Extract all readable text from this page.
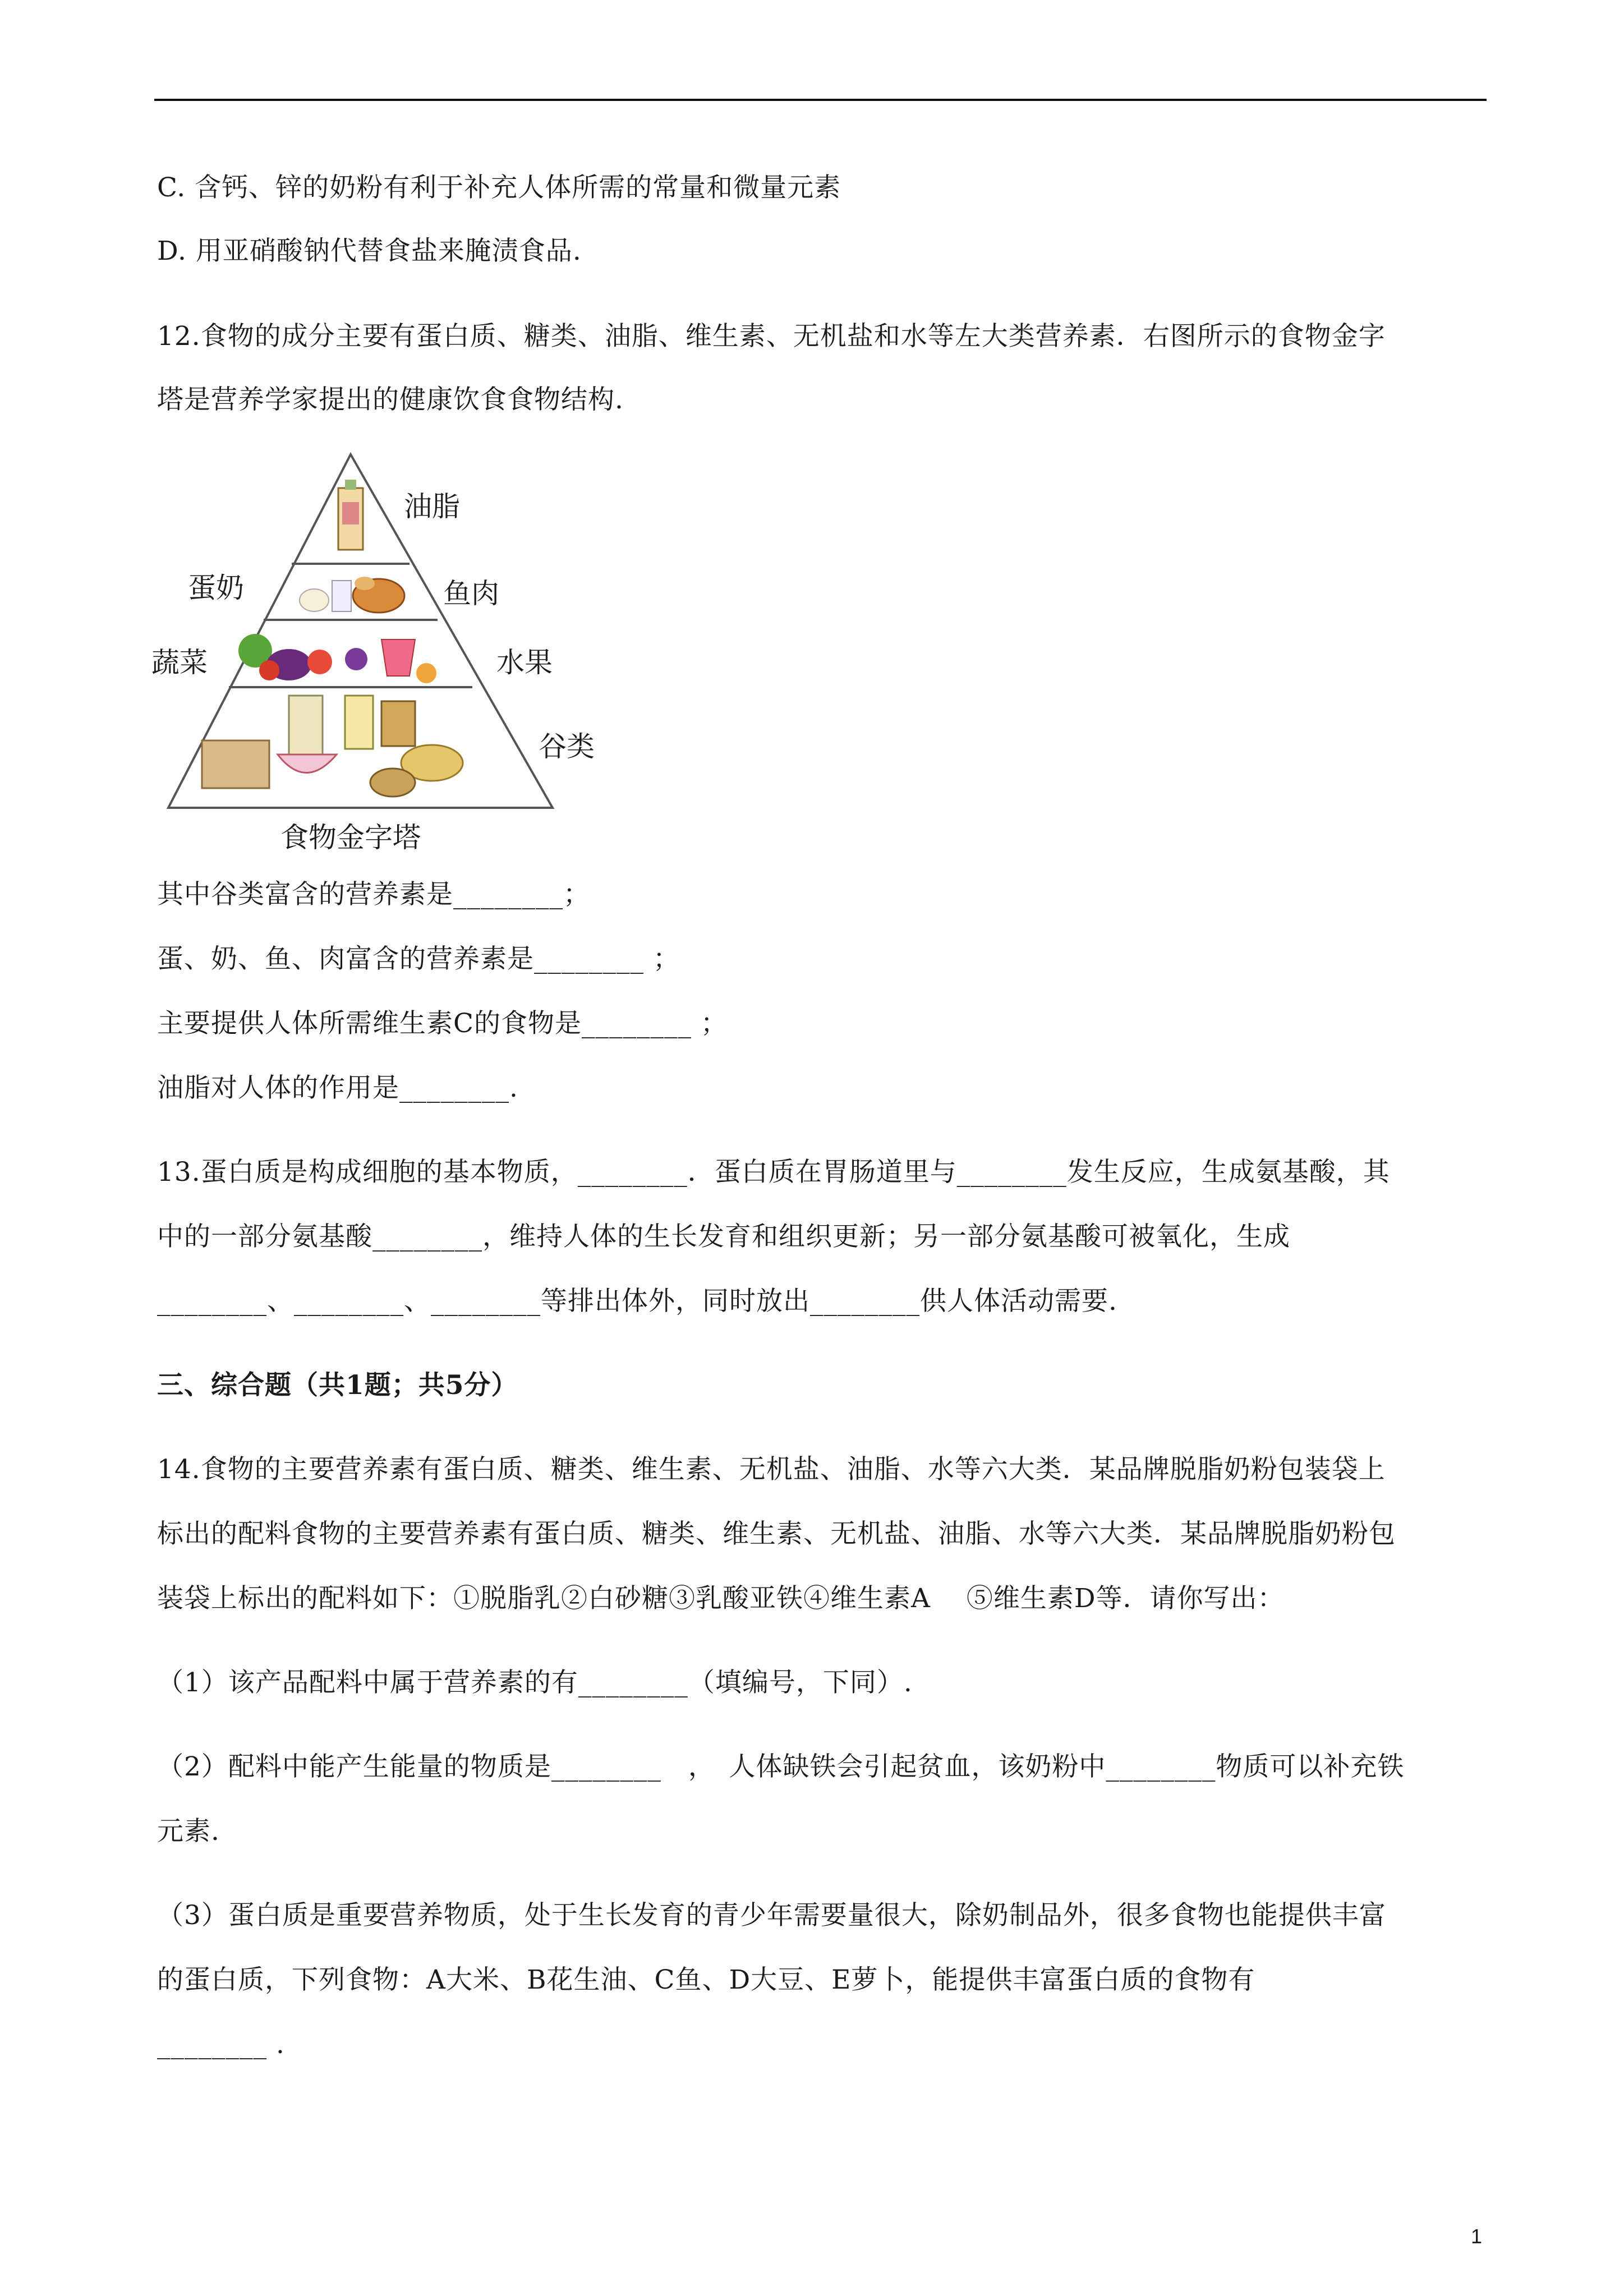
C. 含钙、锌的奶粉有利于补充人体所需的常量和微量元素
D. 用亚硝酸钠代替食盐来腌渍食品.
12.食物的成分主要有蛋白质、糖类、油脂、维生素、无机盐和水等左大类营养素．右图所示的食物金字
塔是营养学家提出的健康饮食食物结构.
油脂
蛋奶	鱼肉
蔬菜	水果
谷类
食物金字塔
其中谷类富含的营养素是________；
蛋、奶、鱼、肉富含的营养素是________ ；
主要提供人体所需维生素C的食物是________ ；
油脂对人体的作用是________.
13.蛋白质是构成细胞的基本物质，________．蛋白质在胃肠道里与________发生反应，生成氨基酸，其
中的一部分氨基酸________，维持人体的生长发育和组织更新；另一部分氨基酸可被氧化，生成
________、________、________等排出体外，同时放出________供人体活动需要.
三、综合题（共1题；共5分）
14.食物的主要营养素有蛋白质、糖类、维生素、无机盐、油脂、水等六大类．某品牌脱脂奶粉包装袋上
标出的配料食物的主要营养素有蛋白质、糖类、维生素、无机盐、油脂、水等六大类．某品牌脱脂奶粉包
装袋上标出的配料如下：①脱脂乳②白砂糖③乳酸亚铁④维生素A　 ⑤维生素D等．请你写出：
（1）该产品配料中属于营养素的有________（填编号，下同）.
（2）配料中能产生能量的物质是________　，　人体缺铁会引起贫血，该奶粉中________物质可以补充铁
元素.
（3）蛋白质是重要营养物质，处于生长发育的青少年需要量很大，除奶制品外，很多食物也能提供丰富
的蛋白质，下列食物：A大米、B花生油、C鱼、D大豆、E萝卜，能提供丰富蛋白质的食物有
________ .
1
